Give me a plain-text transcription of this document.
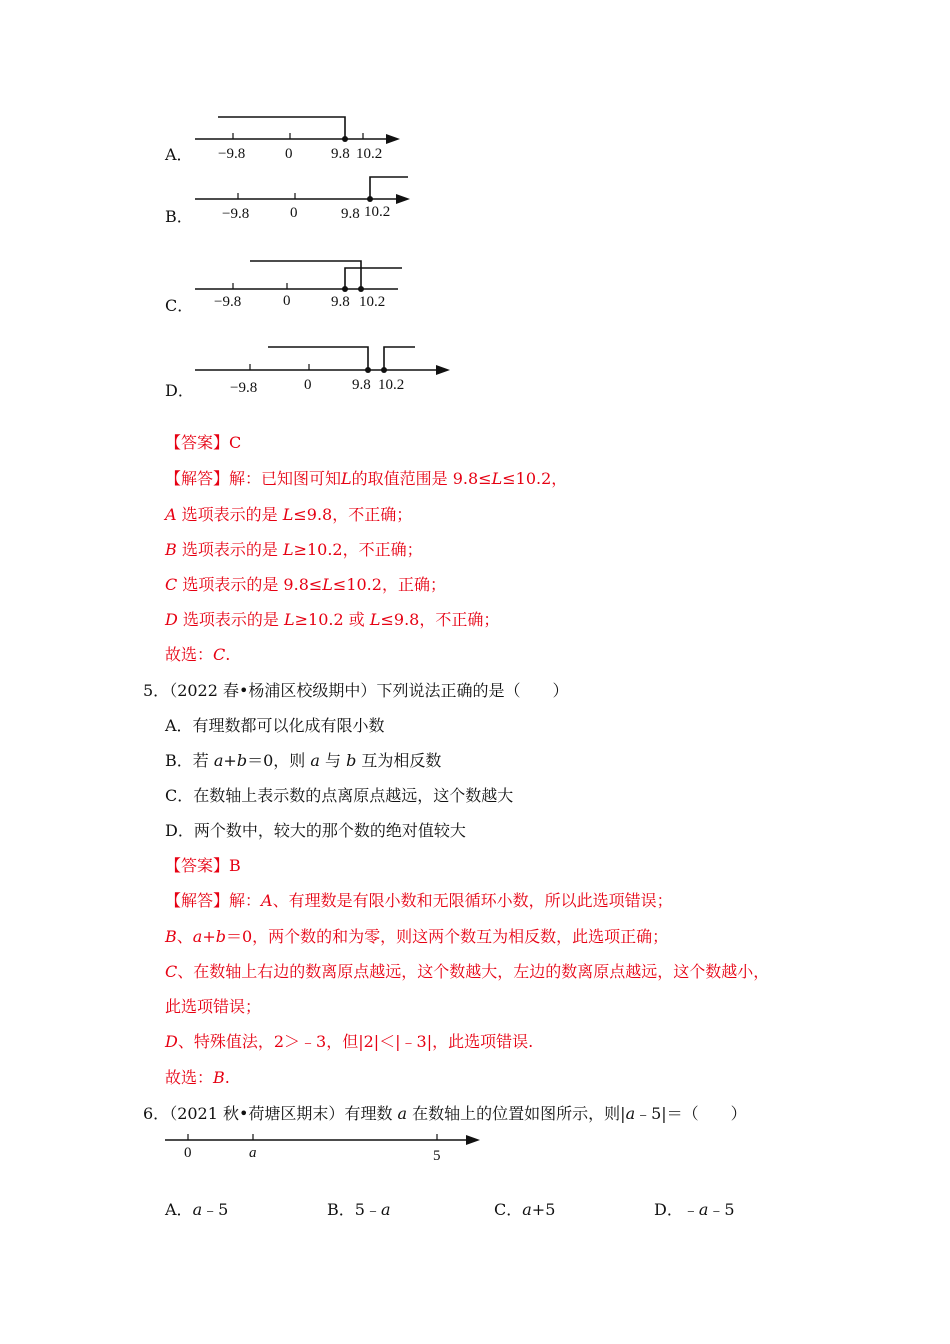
A． −9.8	0	9.8 10.2
B． −9.8	0	9.8 10.2
C． −9.8	0	9.8 10.2
D． −9.8	0	9.8 10.2
【答案】C
【解答】解：已知图可知L的取值范围是 9.8≤L≤10.2，
A 选项表示的是 L≤9.8，不正确；
B 选项表示的是 L≥10.2，不正确；
C 选项表示的是 9.8≤L≤10.2，正确；
D 选项表示的是 L≥10.2 或 L≤9.8，不正确；
故选：C.
5．（2022 春•杨浦区校级期中）下列说法正确的是（　　）
A．有理数都可以化成有限小数
B．若 a+b＝0，则 a 与 b 互为相反数
C．在数轴上表示数的点离原点越远，这个数越大
D．两个数中，较大的那个数的绝对值较大
【答案】B
【解答】解：A、有理数是有限小数和无限循环小数，所以此选项错误；
B、a+b＝0，两个数的和为零，则这两个数互为相反数，此选项正确；
C、在数轴上右边的数离原点越远，这个数越大，左边的数离原点越远，这个数越小，
此选项错误；
D、特殊值法，2＞﹣3，但|2|＜|﹣3|，此选项错误.
故选：B.
6．（2021 秋•荷塘区期末）有理数 a 在数轴上的位置如图所示，则|a﹣5|＝（　　）
0	a	5
A．a﹣5	B．5﹣a	C．a+5	D．﹣a﹣5
